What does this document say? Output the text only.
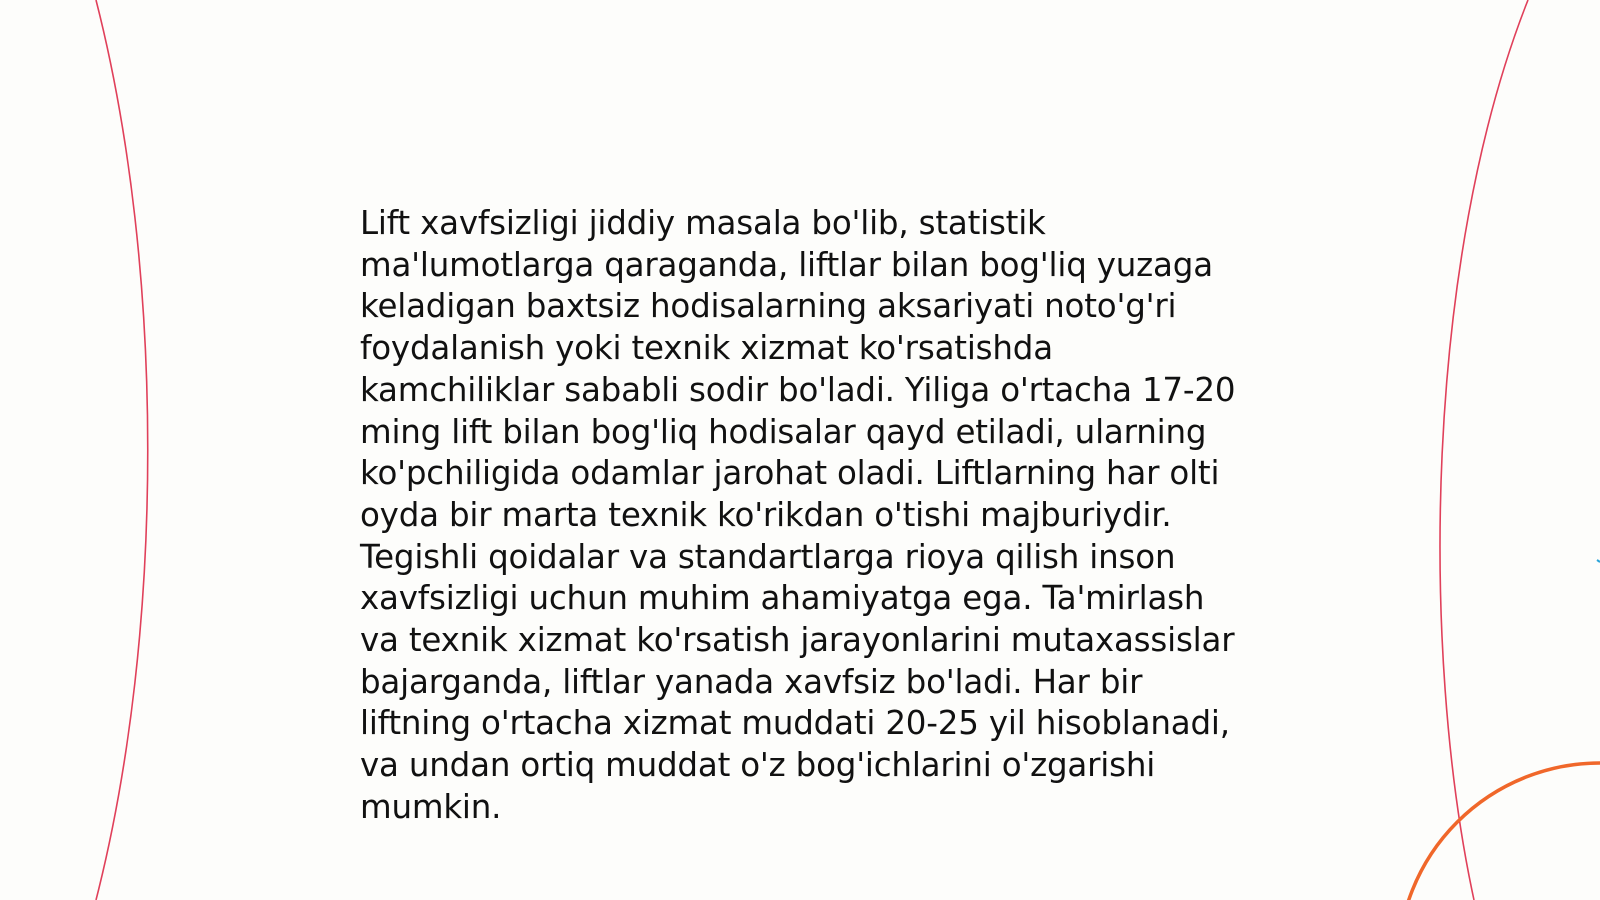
Lift xavfsizligi jiddiy masala bo'lib, statistik
ma'lumotlarga qaraganda, liftlar bilan bog'liq yuzaga
keladigan baxtsiz hodisalarning aksariyati noto'g'ri
foydalanish yoki texnik xizmat ko'rsatishda
kamchiliklar sababli sodir bo'ladi. Yiliga o'rtacha 17-20
ming lift bilan bog'liq hodisalar qayd etiladi, ularning
ko'pchiligida odamlar jarohat oladi. Liftlarning har olti
oyda bir marta texnik ko'rikdan o'tishi majburiydir.
Tegishli qoidalar va standartlarga rioya qilish inson
xavfsizligi uchun muhim ahamiyatga ega. Ta'mirlash
va texnik xizmat ko'rsatish jarayonlarini mutaxassislar
bajarganda, liftlar yanada xavfsiz bo'ladi. Har bir
liftning o'rtacha xizmat muddati 20-25 yil hisoblanadi,
va undan ortiq muddat o'z bog'ichlarini o'zgarishi
mumkin.
